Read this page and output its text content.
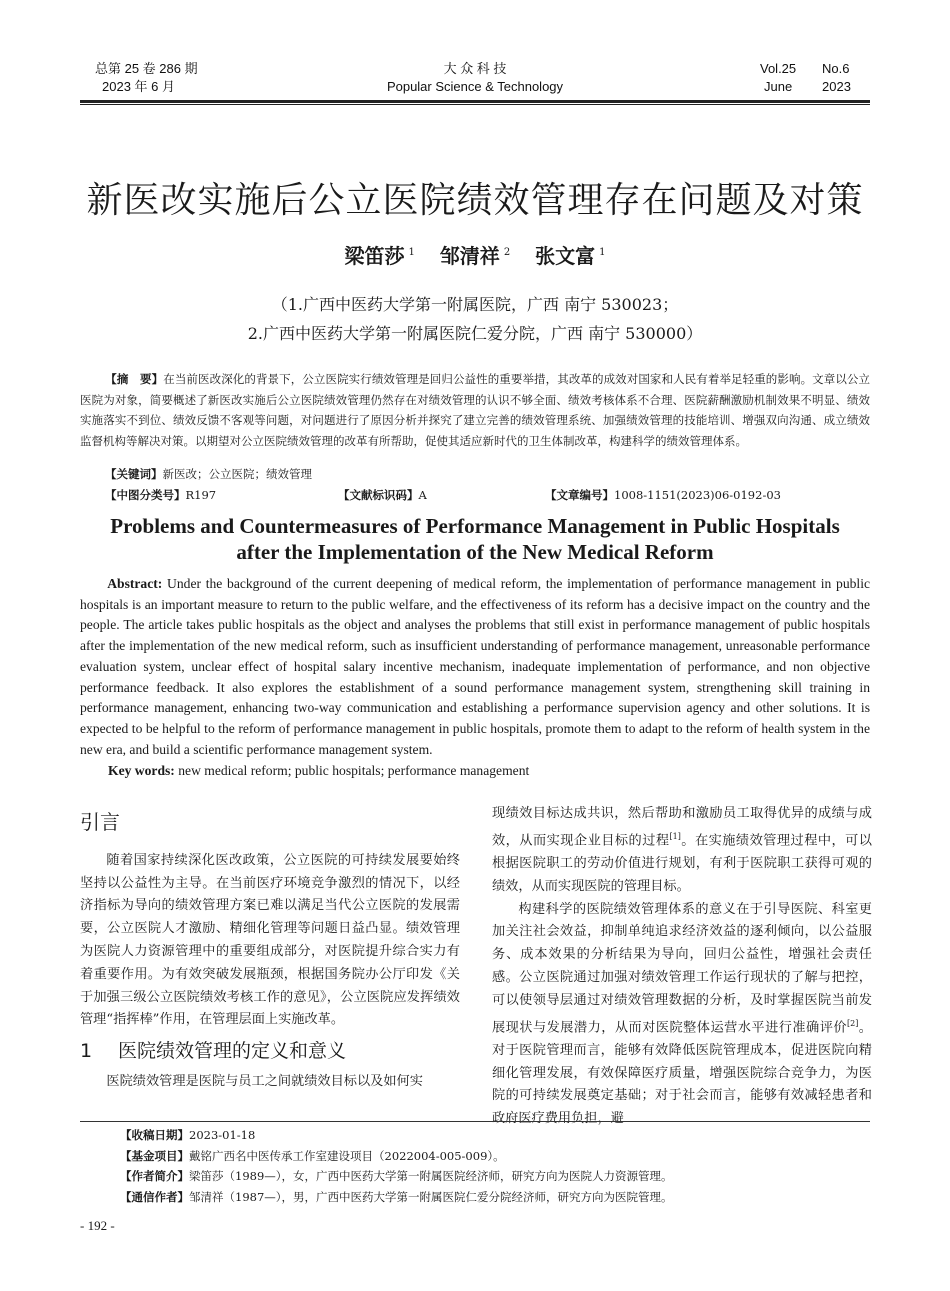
总第 25 卷 286 期
2023 年 6 月
大 众 科 技
Popular Science & Technology
Vol.25 No.6
June 2023
新医改实施后公立医院绩效管理存在问题及对策
梁笛莎 $^1$ 邹清祥 $^2$ 张文富 $^1$
（1.广西中医药大学第一附属医院，广西 南宁 530023；
2.广西中医药大学第一附属医院仁爱分院，广西 南宁 530000）
【摘　要】在当前医改深化的背景下，公立医院实行绩效管理是回归公益性的重要举措，其改革的成效对国家和人民有着举足轻重的影响。文章以公立医院为对象，简要概述了新医改实施后公立医院绩效管理仍然存在对绩效管理的认识不够全面、绩效考核体系不合理、医院薪酬激励机制效果不明显、绩效实施落实不到位、绩效反馈不客观等问题，对问题进行了原因分析并探究了建立完善的绩效管理系统、加强绩效管理的技能培训、增强双向沟通、成立绩效监督机构等解决对策。以期望对公立医院绩效管理的改革有所帮助，促使其适应新时代的卫生体制改革，构建科学的绩效管理体系。
【关键词】新医改；公立医院；绩效管理
【中图分类号】R197	【文献标识码】A	【文章编号】1008-1151(2023)06-0192-03
Problems and Countermeasures of Performance Management in Public Hospitals
after the Implementation of the New Medical Reform
Abstract: Under the background of the current deepening of medical reform, the implementation of performance management in public hospitals is an important measure to return to the public welfare, and the effectiveness of its reform has a decisive impact on the country and the people. The article takes public hospitals as the object and analyses the problems that still exist in performance management of public hospitals after the implementation of the new medical reform, such as insufficient understanding of performance management, unreasonable performance evaluation system, unclear effect of hospital salary incentive mechanism, inadequate implementation of performance, and non objective performance feedback. It also explores the establishment of a sound performance management system, strengthening skill training in performance management, enhancing two-way communication and establishing a performance supervision agency and other solutions. It is expected to be helpful to the reform of performance management in public hospitals, promote them to adapt to the reform of health system in the new era, and build a scientific performance management system.
Key words: new medical reform; public hospitals; performance management
引言

随着国家持续深化医改政策，公立医院的可持续发展要始终坚持以公益性为主导。在当前医疗环境竞争激烈的情况下，以经济指标为导向的绩效管理方案已难以满足当代公立医院的发展需要，公立医院人才激励、精细化管理等问题日益凸显。绩效管理为医院人力资源管理中的重要组成部分，对医院提升综合实力有着重要作用。为有效突破发展瓶颈，根据国务院办公厅印发《关于加强三级公立医院绩效考核工作的意见》，公立医院应发挥绩效管理“指挥棒”作用，在管理层面上实施改革。

1 医院绩效管理的定义和意义

医院绩效管理是医院与员工之间就绩效目标以及如何实

现绩效目标达成共识，然后帮助和激励员工取得优异的成绩与成效，从而实现企业目标的过程[1]。在实施绩效管理过程中，可以根据医院职工的劳动价值进行规划，有利于医院职工获得可观的绩效，从而实现医院的管理目标。

构建科学的医院绩效管理体系的意义在于引导医院、科室更加关注社会效益，抑制单纯追求经济效益的逐利倾向，以公益服务、成本效果的分析结果为导向，回归公益性，增强社会责任感。公立医院通过加强对绩效管理工作运行现状的了解与把控，可以使领导层通过对绩效管理数据的分析，及时掌握医院当前发展现状与发展潜力，从而对医院整体运营水平进行准确评价[2]。对于医院管理而言，能够有效降低医院管理成本，促进医院向精细化管理发展，有效保障医疗质量，增强医院综合竞争力，为医院的可持续发展奠定基础；对于社会而言，能够有效减轻患者和政府医疗费用负担，避

【收稿日期】2023-01-18
【基金项目】戴铭广西名中医传承工作室建设项目（2022004-005-009）。
【作者简介】梁笛莎（1989—），女，广西中医药大学第一附属医院经济师，研究方向为医院人力资源管理。
【通信作者】邹清祥（1987—），男，广西中医药大学第一附属医院仁爱分院经济师，研究方向为医院管理。
- 192 -
